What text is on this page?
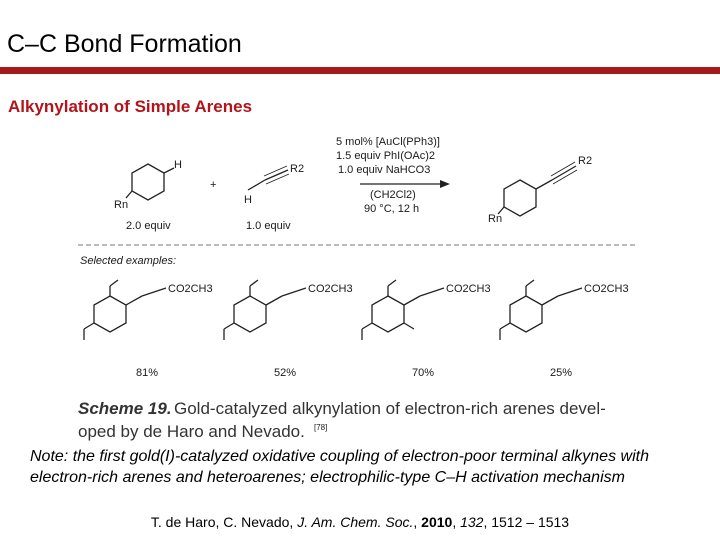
C–C Bond Formation
Alkynylation of Simple Arenes
H
Rn
2.0 equiv
+
H
R2
1.0 equiv
5 mol% [AuCl(PPh3)]
1.5 equiv PhI(OAc)2
1.0 equiv NaHCO3
(CH2Cl2)
90 °C, 12 h
R2
Rn
Selected examples:
CO2CH3	CO2CH3	CO2CH3	CO2CH3
81%	52%	70%	25%
Scheme 19. Gold-catalyzed alkynylation of electron-rich arenes devel-
oped by de Haro and Nevado. [78]
Note: the first gold(I)-catalyzed oxidative coupling of electron-poor terminal alkynes with electron-rich arenes and heteroarenes; electrophilic-type C–H activation mechanism
T. de Haro, C. Nevado, J. Am. Chem. Soc., 2010, 132, 1512 – 1513
